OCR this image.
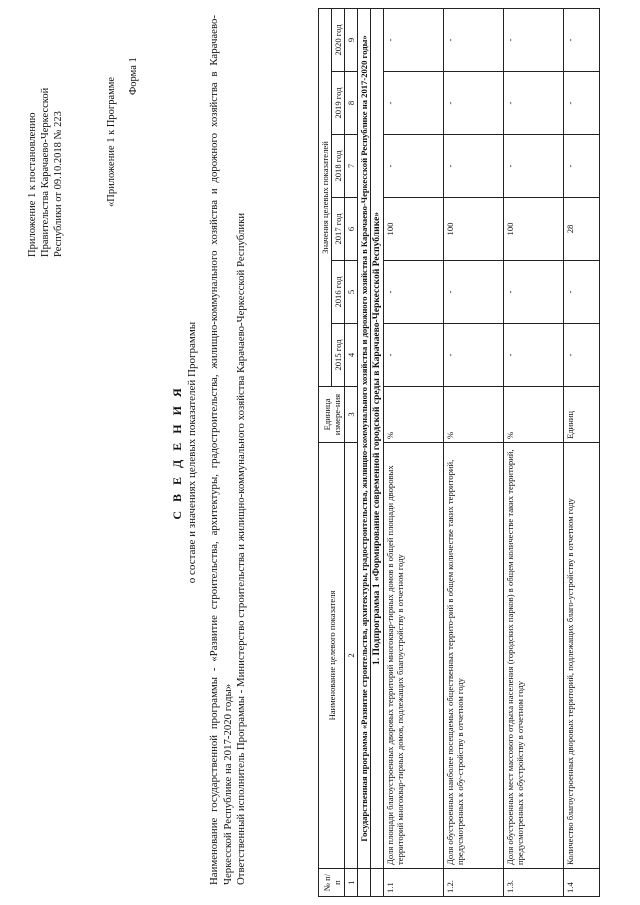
Приложение 1 к постановлению Правительства Карачаево-Черкесской Республики от 09.10.2018 № 223	«Приложение 1 к Программе
Форма 1
С В Е Д Е Н И Я о составе и значениях целевых показателей Программы Наименование государственной программы - «Развитие строительства, архитектуры, градостроительства, жилищно-коммунального хозяйства и дорожного хозяйства в Карачаево-Черкесской Республике на 2017-2020 годы» Ответственный исполнитель Программы - Министерство строительства и жилищно-коммунального хозяйства Карачаево-Черкесской Республики	№ п/п	Наименование целевого показателя	Единица измере-ния	Значения целевых показателей					
			2015 год	2016 год	2017 год	2018 год	2019 год	2020 год
1	2	3	4	5	6	7	8	9
	Государственная программа «Развитие строительства, архитектуры, градостроительства, жилищно-коммунального хозяйства и дорожного хозяйства в Карачаево-Черкесской Республике на 2017-2020 годы»							
	1. Подпрограмма 1 «Формирование современной городской среды в Карачаево-Черкесской Республике»							
1.1	Доля площади благоустроенных дворовых территорий многоквар-тирных домов в общей площади дворовых территорий многоквар-тирных домов, подлежащих благоустройству в отчетном году	%	-	-	100	-	-	-
1.2.	Доля обустроенных наиболее посещаемых общественных террито-рий в общем количестве таких территорий, предусмотренных к обу-стройству в отчетном году	%	-	-	100	-	-	-
1.3.	Доля обустроенных мест массового отдыха населения (городских парков) в общем количестве таких территорий, предусмотренных к обустройству в отчетном году	%	-	-	100	-	-	-
1.4	Количество благоустроенных дворовых территорий, подлежащих благо-устройству в отчетном году	Единиц	-	-	28	-	-	-
